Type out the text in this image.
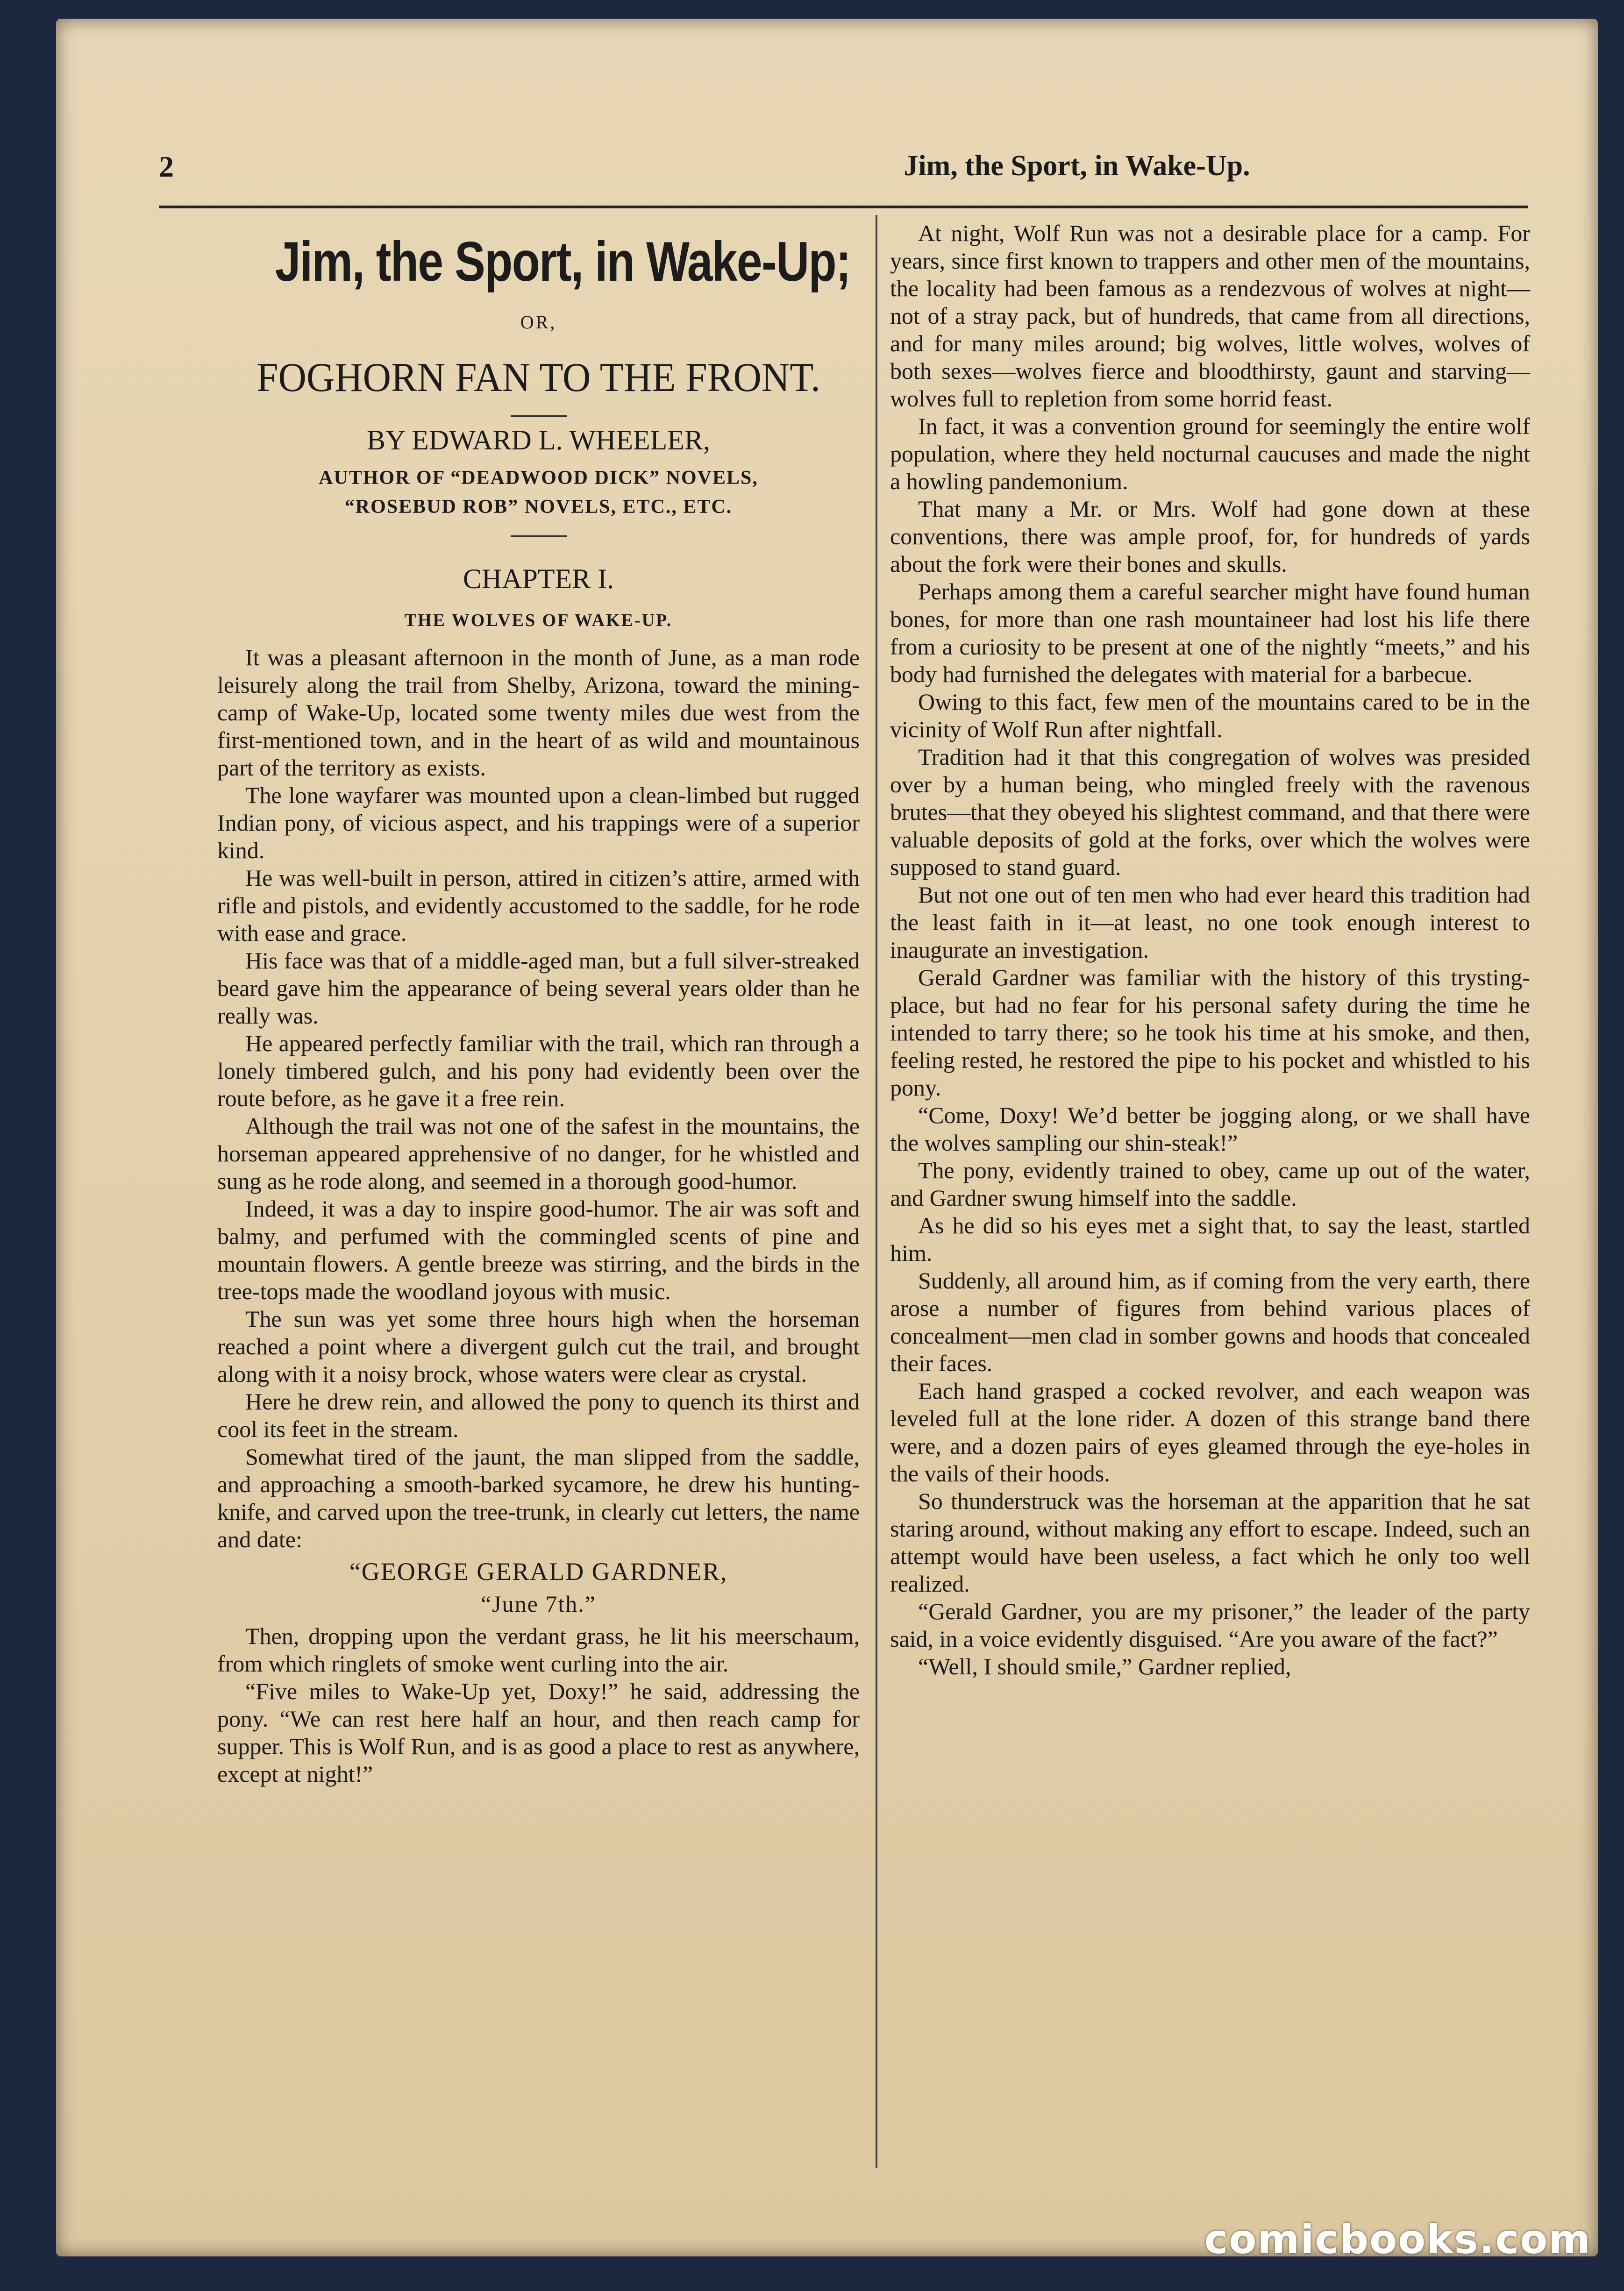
2	Jim, the Sport, in Wake-Up.
Jim, the Sport, in Wake-Up;
OR,
FOGHORN FAN TO THE FRONT.
BY EDWARD L. WHEELER,
AUTHOR OF “DEADWOOD DICK” NOVELS,
“ROSEBUD ROB” NOVELS, ETC., ETC.
CHAPTER I.
THE WOLVES OF WAKE-UP.

It was a pleasant afternoon in the month of June, as a man rode leisurely along the trail from Shelby, Arizona, toward the mining-camp of Wake-Up, located some twenty miles due west from the first-mentioned town, and in the heart of as wild and mountainous part of the territory as exists.

The lone wayfarer was mounted upon a clean-limbed but rugged Indian pony, of vicious aspect, and his trappings were of a superior kind.

He was well-built in person, attired in citizen’s attire, armed with rifle and pistols, and evidently accustomed to the saddle, for he rode with ease and grace.

His face was that of a middle-aged man, but a full silver-streaked beard gave him the appearance of being several years older than he really was.

He appeared perfectly familiar with the trail, which ran through a lonely timbered gulch, and his pony had evidently been over the route before, as he gave it a free rein.

Although the trail was not one of the safest in the mountains, the horseman appeared apprehensive of no danger, for he whistled and sung as he rode along, and seemed in a thorough good-humor.

Indeed, it was a day to inspire good-humor. The air was soft and balmy, and perfumed with the commingled scents of pine and mountain flowers. A gentle breeze was stirring, and the birds in the tree-tops made the woodland joyous with music.

The sun was yet some three hours high when the horseman reached a point where a divergent gulch cut the trail, and brought along with it a noisy brock, whose waters were clear as crystal.

Here he drew rein, and allowed the pony to quench its thirst and cool its feet in the stream.

Somewhat tired of the jaunt, the man slipped from the saddle, and approaching a smooth-barked sycamore, he drew his hunting-knife, and carved upon the tree-trunk, in clearly cut letters, the name and date:

“GEORGE GERALD GARDNER,
“June 7th.”

Then, dropping upon the verdant grass, he lit his meerschaum, from which ringlets of smoke went curling into the air.

“Five miles to Wake-Up yet, Doxy!” he said, addressing the pony. “We can rest here half an hour, and then reach camp for supper. This is Wolf Run, and is as good a place to rest as anywhere, except at night!”

At night, Wolf Run was not a desirable place for a camp. For years, since first known to trappers and other men of the mountains, the locality had been famous as a rendezvous of wolves at night—not of a stray pack, but of hundreds, that came from all directions, and for many miles around; big wolves, little wolves, wolves of both sexes—wolves fierce and bloodthirsty, gaunt and starving—wolves full to repletion from some horrid feast.

In fact, it was a convention ground for seemingly the entire wolf population, where they held nocturnal caucuses and made the night a howling pandemonium.

That many a Mr. or Mrs. Wolf had gone down at these conventions, there was ample proof, for, for hundreds of yards about the fork were their bones and skulls.

Perhaps among them a careful searcher might have found human bones, for more than one rash mountaineer had lost his life there from a curiosity to be present at one of the nightly “meets,” and his body had furnished the delegates with material for a barbecue.

Owing to this fact, few men of the mountains cared to be in the vicinity of Wolf Run after nightfall.

Tradition had it that this congregation of wolves was presided over by a human being, who mingled freely with the ravenous brutes—that they obeyed his slightest command, and that there were valuable deposits of gold at the forks, over which the wolves were supposed to stand guard.

But not one out of ten men who had ever heard this tradition had the least faith in it—at least, no one took enough interest to inaugurate an investigation.

Gerald Gardner was familiar with the history of this trysting-place, but had no fear for his personal safety during the time he intended to tarry there; so he took his time at his smoke, and then, feeling rested, he restored the pipe to his pocket and whistled to his pony.

“Come, Doxy! We’d better be jogging along, or we shall have the wolves sampling our shin-steak!”

The pony, evidently trained to obey, came up out of the water, and Gardner swung himself into the saddle.

As he did so his eyes met a sight that, to say the least, startled him.

Suddenly, all around him, as if coming from the very earth, there arose a number of figures from behind various places of concealment—men clad in somber gowns and hoods that concealed their faces.

Each hand grasped a cocked revolver, and each weapon was leveled full at the lone rider. A dozen of this strange band there were, and a dozen pairs of eyes gleamed through the eye-holes in the vails of their hoods.

So thunderstruck was the horseman at the apparition that he sat staring around, without making any effort to escape. Indeed, such an attempt would have been useless, a fact which he only too well realized.

“Gerald Gardner, you are my prisoner,” the leader of the party said, in a voice evidently disguised. “Are you aware of the fact?”

“Well, I should smile,” Gardner replied,

comicbooks.com
